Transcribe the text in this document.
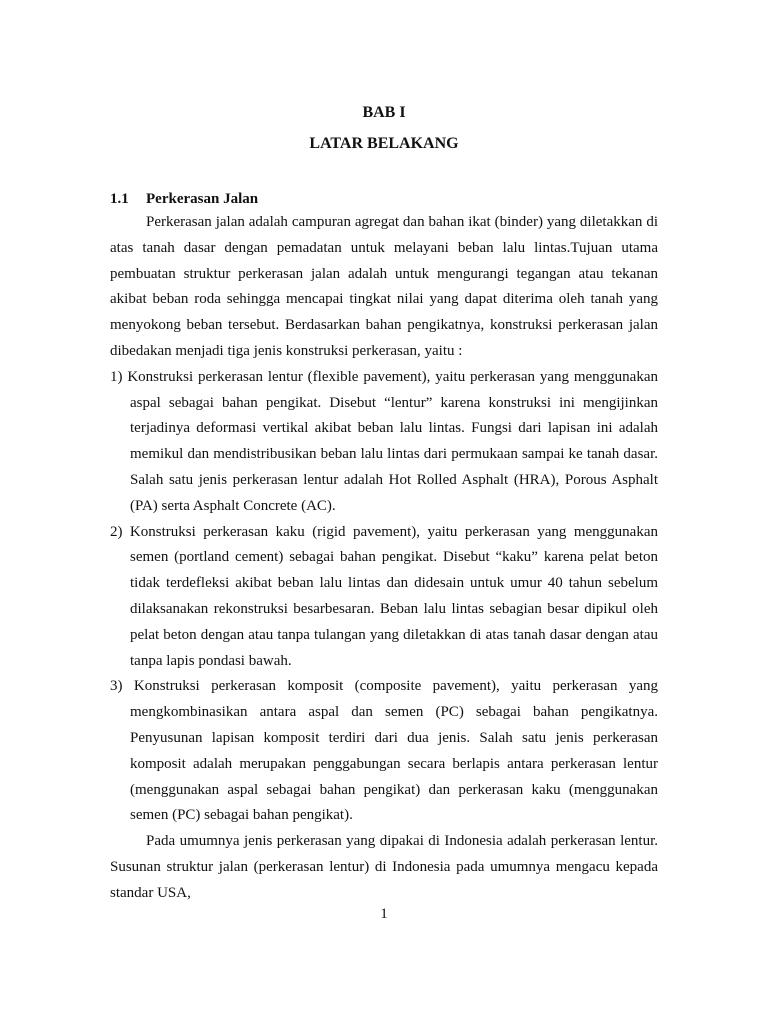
BAB I
LATAR BELAKANG
1.1 Perkerasan Jalan

Perkerasan jalan adalah campuran agregat dan bahan ikat (binder) yang diletakkan di atas tanah dasar dengan pemadatan untuk melayani beban lalu lintas.Tujuan utama pembuatan struktur perkerasan jalan adalah untuk mengurangi tegangan atau tekanan akibat beban roda sehingga mencapai tingkat nilai yang dapat diterima oleh tanah yang menyokong beban tersebut. Berdasarkan bahan pengikatnya, konstruksi perkerasan jalan dibedakan menjadi tiga jenis konstruksi perkerasan, yaitu :

1) Konstruksi perkerasan lentur (flexible pavement), yaitu perkerasan yang menggunakan aspal sebagai bahan pengikat. Disebut “lentur” karena konstruksi ini mengijinkan terjadinya deformasi vertikal akibat beban lalu lintas. Fungsi dari lapisan ini adalah memikul dan mendistribusikan beban lalu lintas dari permukaan sampai ke tanah dasar. Salah satu jenis perkerasan lentur adalah Hot Rolled Asphalt (HRA), Porous Asphalt (PA) serta Asphalt Concrete (AC).

2) Konstruksi perkerasan kaku (rigid pavement), yaitu perkerasan yang menggunakan semen (portland cement) sebagai bahan pengikat. Disebut “kaku” karena pelat beton tidak terdefleksi akibat beban lalu lintas dan didesain untuk umur 40 tahun sebelum dilaksanakan rekonstruksi besarbesaran. Beban lalu lintas sebagian besar dipikul oleh pelat beton dengan atau tanpa tulangan yang diletakkan di atas tanah dasar dengan atau tanpa lapis pondasi bawah.

3) Konstruksi perkerasan komposit (composite pavement), yaitu perkerasan yang mengkombinasikan antara aspal dan semen (PC) sebagai bahan pengikatnya. Penyusunan lapisan komposit terdiri dari dua jenis. Salah satu jenis perkerasan komposit adalah merupakan penggabungan secara berlapis antara perkerasan lentur (menggunakan aspal sebagai bahan pengikat) dan perkerasan kaku (menggunakan semen (PC) sebagai bahan pengikat).

Pada umumnya jenis perkerasan yang dipakai di Indonesia adalah perkerasan lentur. Susunan struktur jalan (perkerasan lentur) di Indonesia pada umumnya mengacu kepada standar USA,

1
